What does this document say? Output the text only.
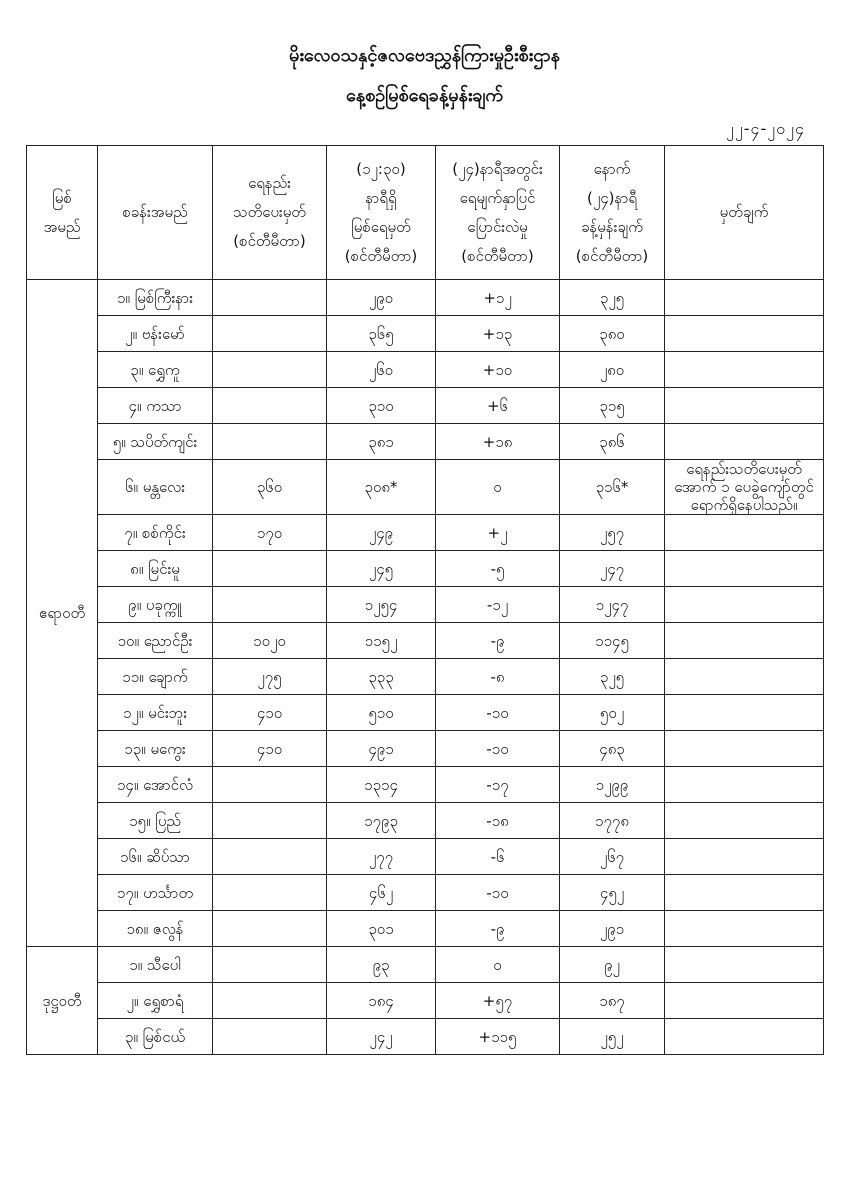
မိုးလေဝသနှင့်ဇလဗေဒညွှန်ကြားမှုဦးစီးဌာန
နေ့စဉ်မြစ်ရေခန့်မှန်းချက်
၂၂-၄-၂၀၂၄
မြစ်
အမည်	စခန်းအမည်	ရေနည်း
သတိပေးမှတ်
(စင်တီမီတာ)	(၁၂:၃၀)
နာရီရှိ
မြစ်ရေမှတ်
(စင်တီမီတာ)	(၂၄)နာရီအတွင်း
ရေမျက်နှာပြင်
ပြောင်းလဲမှု
(စင်တီမီတာ)	နောက်
(၂၄)နာရီ
ခန့်မှန်းချက်
(စင်တီမီတာ)	မှတ်ချက်

ဧရာဝတီ	၁။ မြစ်ကြီးနား		၂၉၀	+၁၂	၃၂၅	
	၂။ ဗန်းမော်		၃၆၅	+၁၃	၃၈၀	
	၃။ ရွှေကူ		၂၆၀	+၁၀	၂၈၀	
	၄။ ကသာ		၃၁၀	+၆	၃၁၅	
	၅။ သပိတ်ကျင်း		၃၈၁	+၁၈	၃၈၆	
	၆။ မန္တလေး	၃၆၀	၃၀၈*	၀	၃၁၆*	ရေနည်းသတိပေးမှတ်အောက် ၁ ပေခွဲကျော်တွင် ရောက်ရှိနေပါသည်။
	၇။ စစ်ကိုင်း	၁၇၀	၂၄၉	+၂	၂၅၇	
	၈။ မြင်းမူ		၂၄၅	-၅	၂၄၇	
	၉။ ပခုက္ကူ		၁၂၅၄	-၁၂	၁၂၄၇	
	၁၀။ ညောင်ဦး	၁၀၂၀	၁၁၅၂	-၉	၁၁၄၅	
	၁၁။ ချောက်	၂၇၅	၃၃၃	-၈	၃၂၅	
	၁၂။ မင်းဘူး	၄၁၀	၅၁၀	-၁၀	၅၀၂	
	၁၃။ မကွေး	၄၁၀	၄၉၁	-၁၀	၄၈၃	
	၁၄။ အောင်လံ		၁၃၁၄	-၁၇	၁၂၉၉	
	၁၅။ ပြည်		၁၇၉၃	-၁၈	၁၇၇၈	
	၁၆။ ဆိပ်သာ		၂၇၇	-၆	၂၆၇	
	၁၇။ ဟင်္သာတ		၄၆၂	-၁၀	၄၅၂	
	၁၈။ ဇလွန်		၃၀၁	-၉	၂၉၁	
ဒုဋ္ဌဝတီ	၁။ သီပေါ		၉၃	၀	၉၂	
	၂။ ရွှေစာရံ		၁၈၄	+၅၇	၁၈၇	
	၃။ မြစ်ငယ်		၂၄၂	+၁၁၅	၂၅၂	
